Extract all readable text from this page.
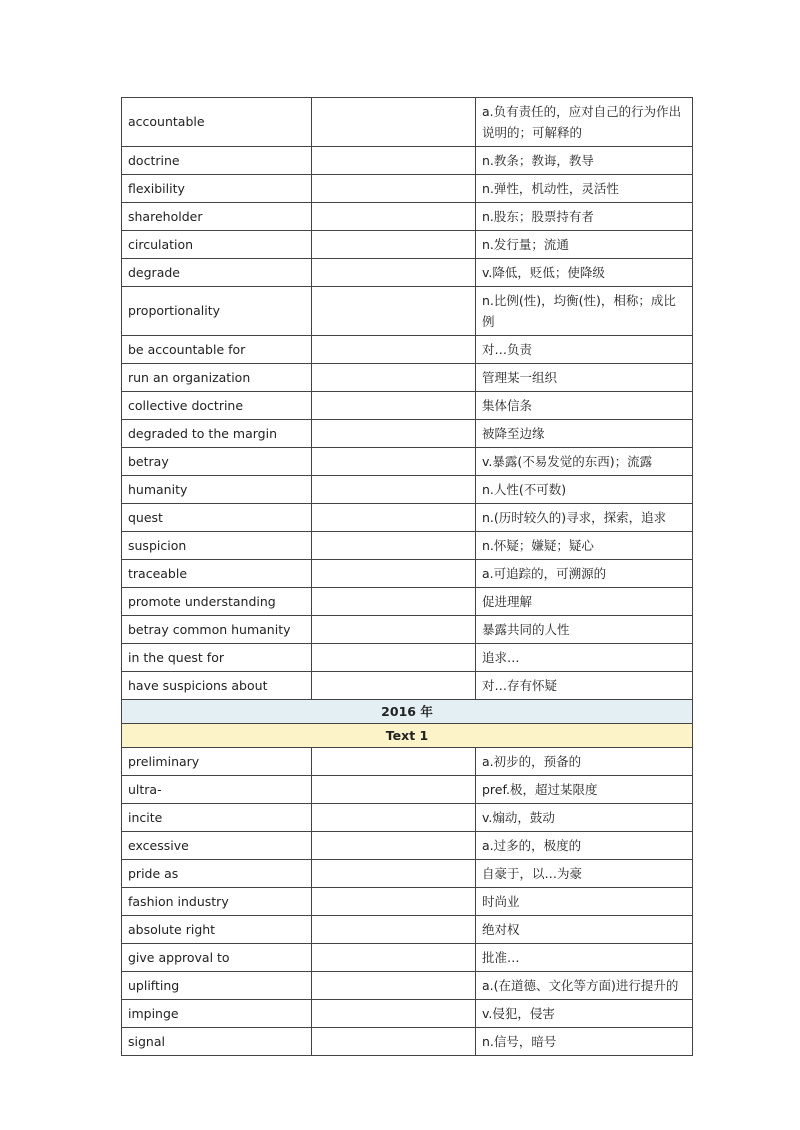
accountable		a.负有责任的，应对自己的行为作出说明的；可解释的
doctrine		n.教条；教诲，教导
flexibility		n.弹性，机动性，灵活性
shareholder		n.股东；股票持有者
circulation		n.发行量；流通
degrade		v.降低，贬低；使降级
proportionality		n.比例(性)，均衡(性)，相称；成比例
be accountable for		对…负责
run an organization		管理某一组织
collective doctrine		集体信条
degraded to the margin		被降至边缘
betray		v.暴露(不易发觉的东西)；流露
humanity		n.人性(不可数)
quest		n.(历时较久的)寻求，探索，追求
suspicion		n.怀疑；嫌疑；疑心
traceable		a.可追踪的，可溯源的
promote understanding		促进理解
betray common humanity		暴露共同的人性
in the quest for		追求…
have suspicions about		对…存有怀疑
2016 年		
Text 1		
preliminary		a.初步的，预备的
ultra-		pref.极，超过某限度
incite		v.煽动，鼓动
excessive		a.过多的，极度的
pride as		自豪于，以…为豪
fashion industry		时尚业
absolute right		绝对权
give approval to		批准…
uplifting		a.(在道德、文化等方面)进行提升的
impinge		v.侵犯，侵害
signal		n.信号，暗号
